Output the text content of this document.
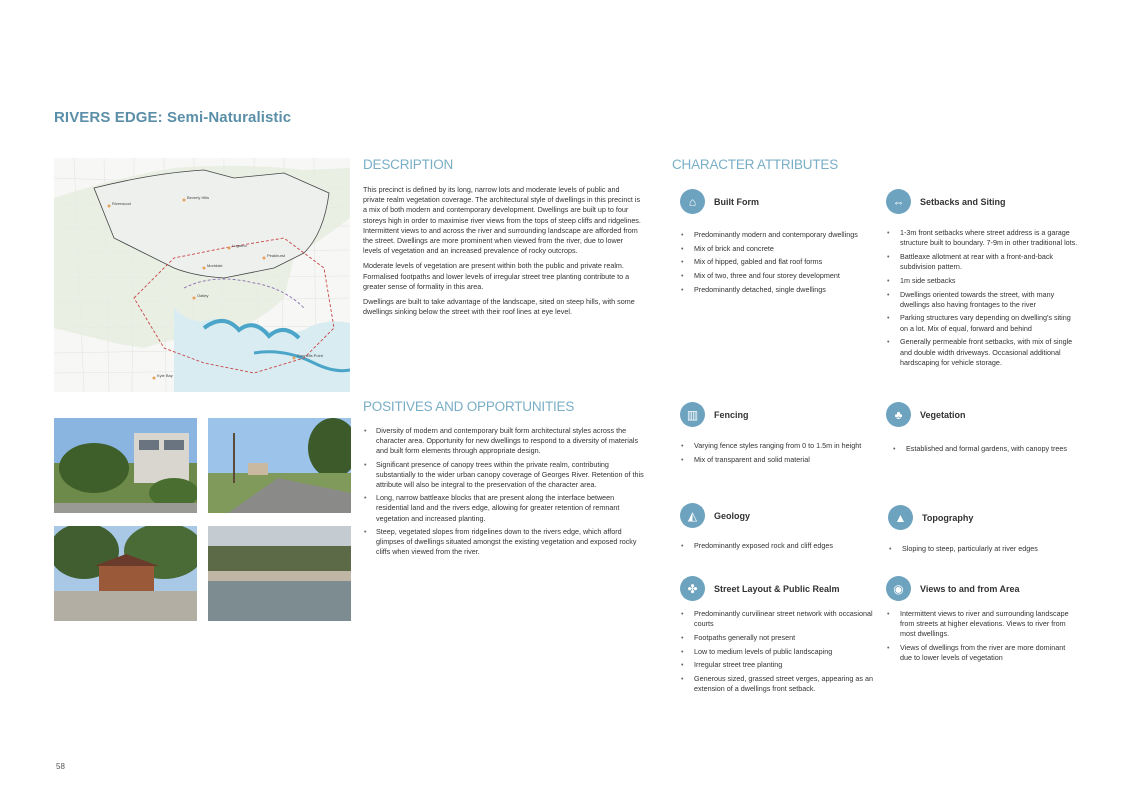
RIVERS EDGE: Semi-Naturalistic
Riverwood
Beverly Hills
Lugarno
Peakhurst
Mortdale
Oatley
Connells Point
Kyle Bay
DESCRIPTION

This precinct is defined by its long, narrow lots and moderate levels of public and private realm vegetation coverage. The architectural style of dwellings in this precinct is a mix of both modern and contemporary development. Dwellings are built up to four storeys high in order to maximise river views from the tops of steep cliffs and ridgelines. Intermittent views to and across the river and surrounding landscape are afforded from the street. Dwellings are more prominent when viewed from the river, due to lower levels of vegetation and an increased prevalence of rocky outcrops.

Moderate levels of vegetation are present within both the public and private realm. Formalised footpaths and lower levels of irregular street tree planting contribute to a greater sense of formality in this area.

Dwellings are built to take advantage of the landscape, sited on steep hills, with some dwellings sinking below the street with their roof lines at eye level.

POSITIVES AND OPPORTUNITIES
• Diversity of modern and contemporary built form architectural styles across the character area. Opportunity for new dwellings to respond to a diversity of materials and built form elements through appropriate design.
• Significant presence of canopy trees within the private realm, contributing substantially to the wider urban canopy coverage of Georges River. Retention of this attribute will also be integral to the preservation of the character area.
• Long, narrow battleaxe blocks that are present along the interface between residential land and the rivers edge, allowing for greater retention of remnant vegetation and increased planting.
• Steep, vegetated slopes from ridgelines down to the rivers edge, which afford glimpses of dwellings situated amongst the existing vegetation and exposed rocky cliffs when viewed from the river.
CHARACTER ATTRIBUTES
⌂	Built Form
• Predominantly modern and contemporary dwellings
• Mix of brick and concrete
• Mix of hipped, gabled and flat roof forms
• Mix of two, three and four storey development
• Predominantly detached, single dwellings
⇔	Setbacks and Siting
• 1-3m front setbacks where street address is a garage structure built to boundary. 7-9m in other traditional lots.
• Battleaxe allotment at rear with a front-and-back subdivision pattern.
• 1m side setbacks
• Dwellings oriented towards the street, with many dwellings also having frontages to the river
• Parking structures vary depending on dwelling's siting on a lot. Mix of equal, forward and behind
• Generally permeable front setbacks, with mix of single and double width driveways. Occasional additional hardscaping for vehicle storage.
▥	Fencing
• Varying fence styles ranging from 0 to 1.5m in height
• Mix of transparent and solid material
♣	Vegetation
• Established and formal gardens, with canopy trees
◭	Geology
• Predominantly exposed rock and cliff edges
▲	Topography
• Sloping to steep, particularly at river edges
✤	Street Layout & Public Realm
• Predominantly curvilinear street network with occasional courts
• Footpaths generally not present
• Low to medium levels of public landscaping
• Irregular street tree planting
• Generous sized, grassed street verges, appearing as an extension of a dwellings front setback.
◉	Views to and from Area
• Intermittent views to river and surrounding landscape from streets at higher elevations. Views to river from most dwellings.
• Views of dwellings from the river are more dominant due to lower levels of vegetation
58
